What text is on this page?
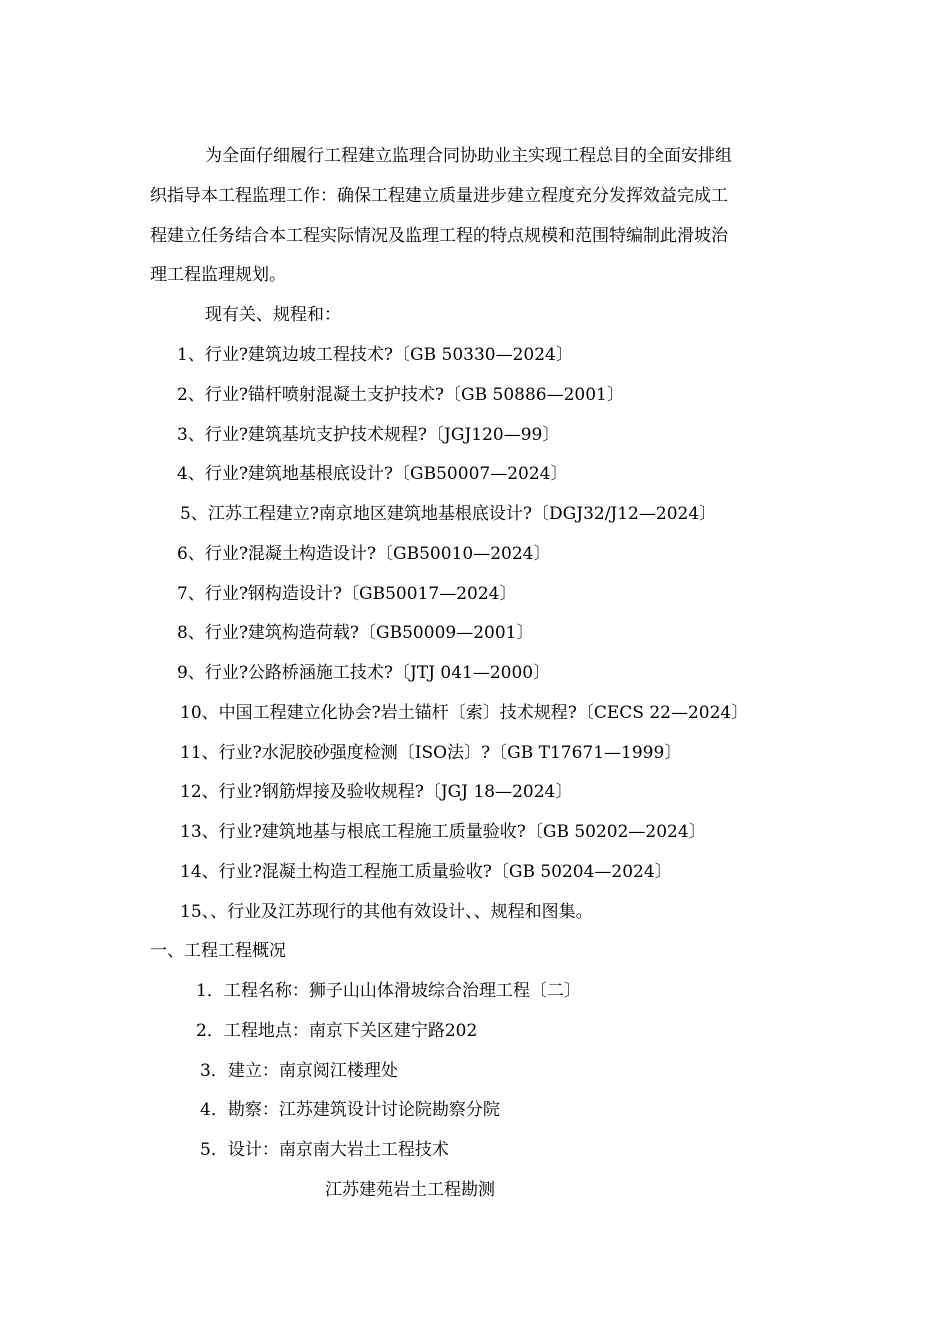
为全面仔细履行工程建立监理合同协助业主实现工程总目的全面安排组
织指导本工程监理工作：确保工程建立质量进步建立程度充分发挥效益完成工
程建立任务结合本工程实际情况及监理工程的特点规模和范围特编制此滑坡治
理工程监理规划。
现有关、规程和：
1、行业?建筑边坡工程技术?〔GB 50330—2024〕
2、行业?锚杆喷射混凝土支护技术?〔GB 50886—2001〕
3、行业?建筑基坑支护技术规程?〔JGJ120—99〕
4、行业?建筑地基根底设计?〔GB50007—2024〕
5、江苏工程建立?南京地区建筑地基根底设计?〔DGJ32/J12—2024〕
6、行业?混凝土构造设计?〔GB50010—2024〕
7、行业?钢构造设计?〔GB50017—2024〕
8、行业?建筑构造荷载?〔GB50009—2001〕
9、行业?公路桥涵施工技术?〔JTJ 041—2000〕
10、中国工程建立化协会?岩土锚杆〔索〕技术规程?〔CECS 22—2024〕
11、行业?水泥胶砂强度检测〔ISO法〕?〔GB T17671—1999〕
12、行业?钢筋焊接及验收规程?〔JGJ 18—2024〕
13、行业?建筑地基与根底工程施工质量验收?〔GB 50202—2024〕
14、行业?混凝土构造工程施工质量验收?〔GB 50204—2024〕
15、、行业及江苏现行的其他有效设计、、规程和图集。
一、工程工程概况
1．工程名称：狮子山山体滑坡综合治理工程〔二〕
2．工程地点：南京下关区建宁路202
3．建立：南京阅江楼理处
4．勘察：江苏建筑设计讨论院勘察分院
5．设计：南京南大岩土工程技术
江苏建苑岩土工程勘测
